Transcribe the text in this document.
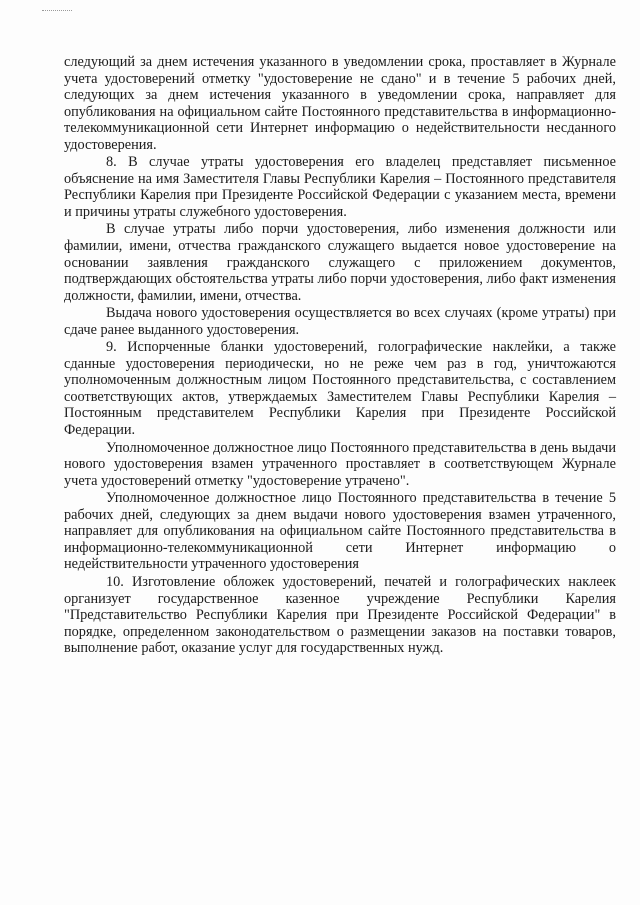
следующий за днем истечения указанного в уведомлении срока, проставляет в Журнале учета удостоверений отметку "удостоверение не сдано" и в течение 5 рабочих дней, следующих за днем истечения указанного в уведомлении срока, направляет для опубликования на официальном сайте Постоянного представительства в информационно-телекоммуникационной сети Интернет информацию о недействительности несданного удостоверения.

8. В случае утраты удостоверения его владелец представляет письменное объяснение на имя Заместителя Главы Республики Карелия – Постоянного представителя Республики Карелия при Президенте Российской Федерации с указанием места, времени и причины утраты служебного удостоверения.

В случае утраты либо порчи удостоверения, либо изменения должности или фамилии, имени, отчества гражданского служащего выдается новое удостоверение на основании заявления гражданского служащего с приложением документов, подтверждающих обстоятельства утраты либо порчи удостоверения, либо факт изменения должности, фамилии, имени, отчества.

Выдача нового удостоверения осуществляется во всех случаях (кроме утраты) при сдаче ранее выданного удостоверения.

9. Испорченные бланки удостоверений, голографические наклейки, а также сданные удостоверения периодически, но не реже чем раз в год, уничтожаются уполномоченным должностным лицом Постоянного представительства, с составлением соответствующих актов, утверждаемых Заместителем Главы Республики Карелия – Постоянным представителем Республики Карелия при Президенте Российской Федерации.

Уполномоченное должностное лицо Постоянного представительства в день выдачи нового удостоверения взамен утраченного проставляет в соответствующем Журнале учета удостоверений отметку "удостоверение утрачено".

Уполномоченное должностное лицо Постоянного представительства в течение 5 рабочих дней, следующих за днем выдачи нового удостоверения взамен утраченного, направляет для опубликования на официальном сайте Постоянного представительства в информационно-телекоммуникационной сети Интернет информацию о недействительности утраченного удостоверения

10. Изготовление обложек удостоверений, печатей и голографических наклеек организует государственное казенное учреждение Республики Карелия "Представительство Республики Карелия при Президенте Российской Федерации" в порядке, определенном законодательством о размещении заказов на поставки товаров, выполнение работ, оказание услуг для государственных нужд.
